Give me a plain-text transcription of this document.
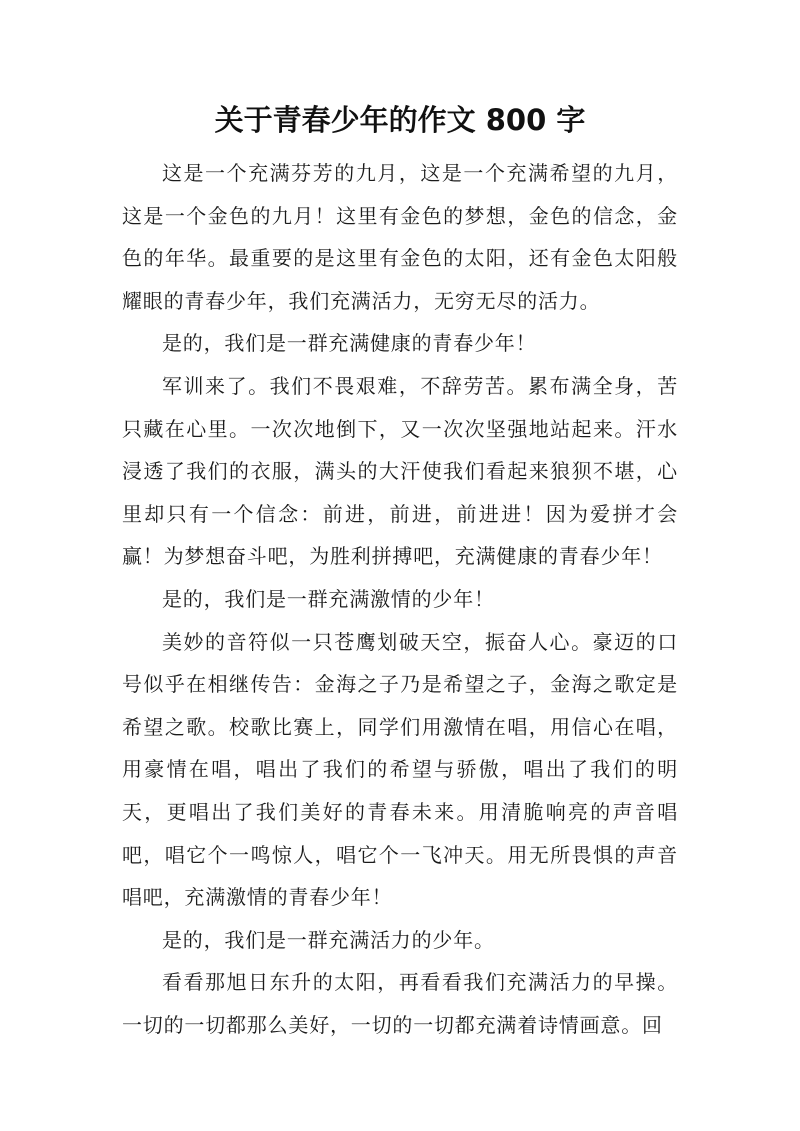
关于青春少年的作文 800 字

这是一个充满芬芳的九月，这是一个充满希望的九月，这是一个金色的九月！这里有金色的梦想，金色的信念，金色的年华。最重要的是这里有金色的太阳，还有金色太阳般耀眼的青春少年，我们充满活力，无穷无尽的活力。

是的，我们是一群充满健康的青春少年！

军训来了。我们不畏艰难，不辞劳苦。累布满全身，苦只藏在心里。一次次地倒下，又一次次坚强地站起来。汗水浸透了我们的衣服，满头的大汗使我们看起来狼狈不堪，心里却只有一个信念：前进，前进，前进进！因为爱拼才会赢！为梦想奋斗吧，为胜利拼搏吧，充满健康的青春少年！

是的，我们是一群充满激情的少年！

美妙的音符似一只苍鹰划破天空，振奋人心。豪迈的口号似乎在相继传告：金海之子乃是希望之子，金海之歌定是希望之歌。校歌比赛上，同学们用激情在唱，用信心在唱，用豪情在唱，唱出了我们的希望与骄傲，唱出了我们的明天，更唱出了我们美好的青春未来。用清脆响亮的声音唱吧，唱它个一鸣惊人，唱它个一飞冲天。用无所畏惧的声音唱吧，充满激情的青春少年！

是的，我们是一群充满活力的少年。

看看那旭日东升的太阳，再看看我们充满活力的早操。一切的一切都那么美好，一切的一切都充满着诗情画意。回
